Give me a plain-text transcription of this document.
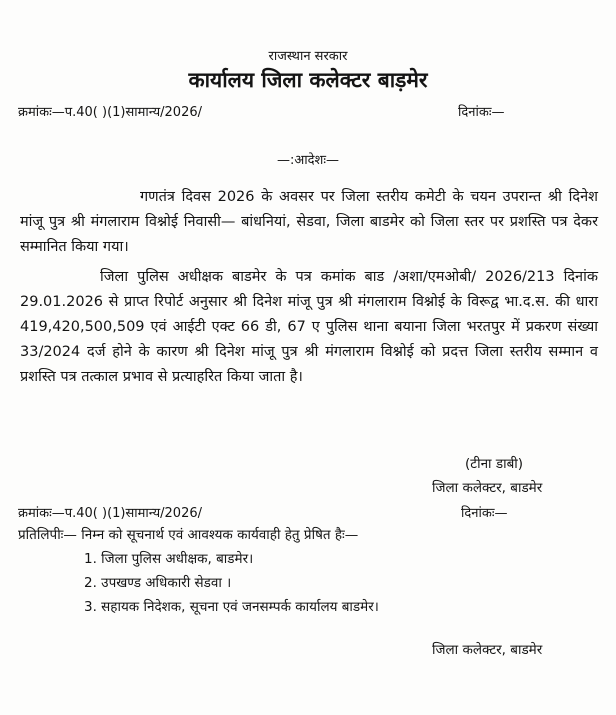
राजस्थान सरकार
कार्यालय जिला कलेक्टर बाड़मेर
क्रमांकः—प.40( )(1)सामान्य/2026/	दिनांकः—
—:आदेशः—

गणतंत्र दिवस 2026 के अवसर पर जिला स्तरीय कमेटी के चयन उपरान्त श्री दिनेश मांजू पुत्र श्री मंगलाराम विश्नोई निवासी— बांधनियां, सेडवा, जिला बाडमेर को जिला स्तर पर प्रशस्ति पत्र देकर सम्मानित किया गया।

जिला पुलिस अधीक्षक बाडमेर के पत्र कमांक बाड /अशा/एमओबी/ 2026/213 दिनांक 29.01.2026 से प्राप्त रिपोर्ट अनुसार श्री दिनेश मांजू पुत्र श्री मंगलाराम विश्नोई के विरूद्व भा.द.स. की धारा 419,420,500,509 एवं आईटी एक्ट 66 डी, 67 ए पुलिस थाना बयाना जिला भरतपुर में प्रकरण संख्या 33/2024 दर्ज होने के कारण श्री दिनेश मांजू पुत्र श्री मंगलाराम विश्नोई को प्रदत्त जिला स्तरीय सम्मान व प्रशस्ति पत्र तत्काल प्रभाव से प्रत्याहरित किया जाता है।

(टीना डाबी)
जिला कलेक्टर, बाडमेर
क्रमांकः—प.40( )(1)सामान्य/2026/	दिनांकः—
प्रतिलिपीः— निम्न को सूचनार्थ एवं आवश्यक कार्यवाही हेतु प्रेषित हैः—
1. जिला पुलिस अधीक्षक, बाडमेर।
2. उपखण्ड अधिकारी सेडवा ।
3. सहायक निदेशक, सूचना एवं जनसम्पर्क कार्यालय बाडमेर।
जिला कलेक्टर, बाडमेर
